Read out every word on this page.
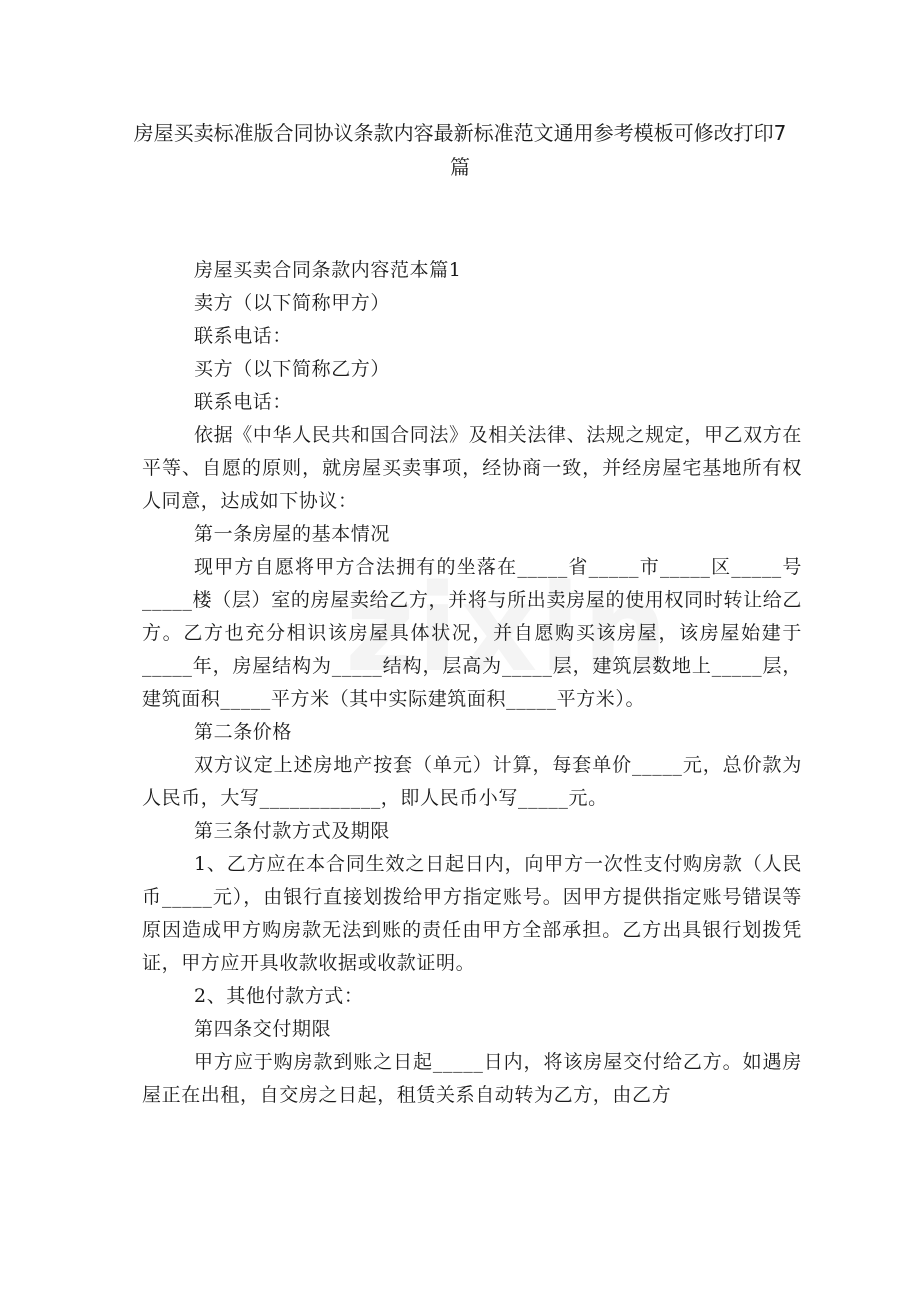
房屋买卖标准版合同协议条款内容最新标准范文通用参考模板可修改打印7篇

房屋买卖合同条款内容范本篇1

卖方（以下简称甲方）

联系电话：

买方（以下简称乙方）

联系电话：

依据《中华人民共和国合同法》及相关法律、法规之规定，甲乙双方在平等、自愿的原则，就房屋买卖事项，经协商一致，并经房屋宅基地所有权人同意，达成如下协议：

第一条房屋的基本情况

现甲方自愿将甲方合法拥有的坐落在_____省_____市_____区_____号_____楼（层）室的房屋卖给乙方，并将与所出卖房屋的使用权同时转让给乙方。乙方也充分相识该房屋具体状况，并自愿购买该房屋，该房屋始建于_____年，房屋结构为_____结构，层高为_____层，建筑层数地上_____层，建筑面积_____平方米（其中实际建筑面积_____平方米）。

第二条价格

双方议定上述房地产按套（单元）计算，每套单价_____元，总价款为人民币，大写____________，即人民币小写_____元。

第三条付款方式及期限

1、乙方应在本合同生效之日起日内，向甲方一次性支付购房款（人民币_____元），由银行直接划拨给甲方指定账号。因甲方提供指定账号错误等原因造成甲方购房款无法到账的责任由甲方全部承担。乙方出具银行划拨凭证，甲方应开具收款收据或收款证明。

2、其他付款方式：

第四条交付期限

甲方应于购房款到账之日起_____日内，将该房屋交付给乙方。如遇房屋正在出租，自交房之日起，租赁关系自动转为乙方，由乙方
